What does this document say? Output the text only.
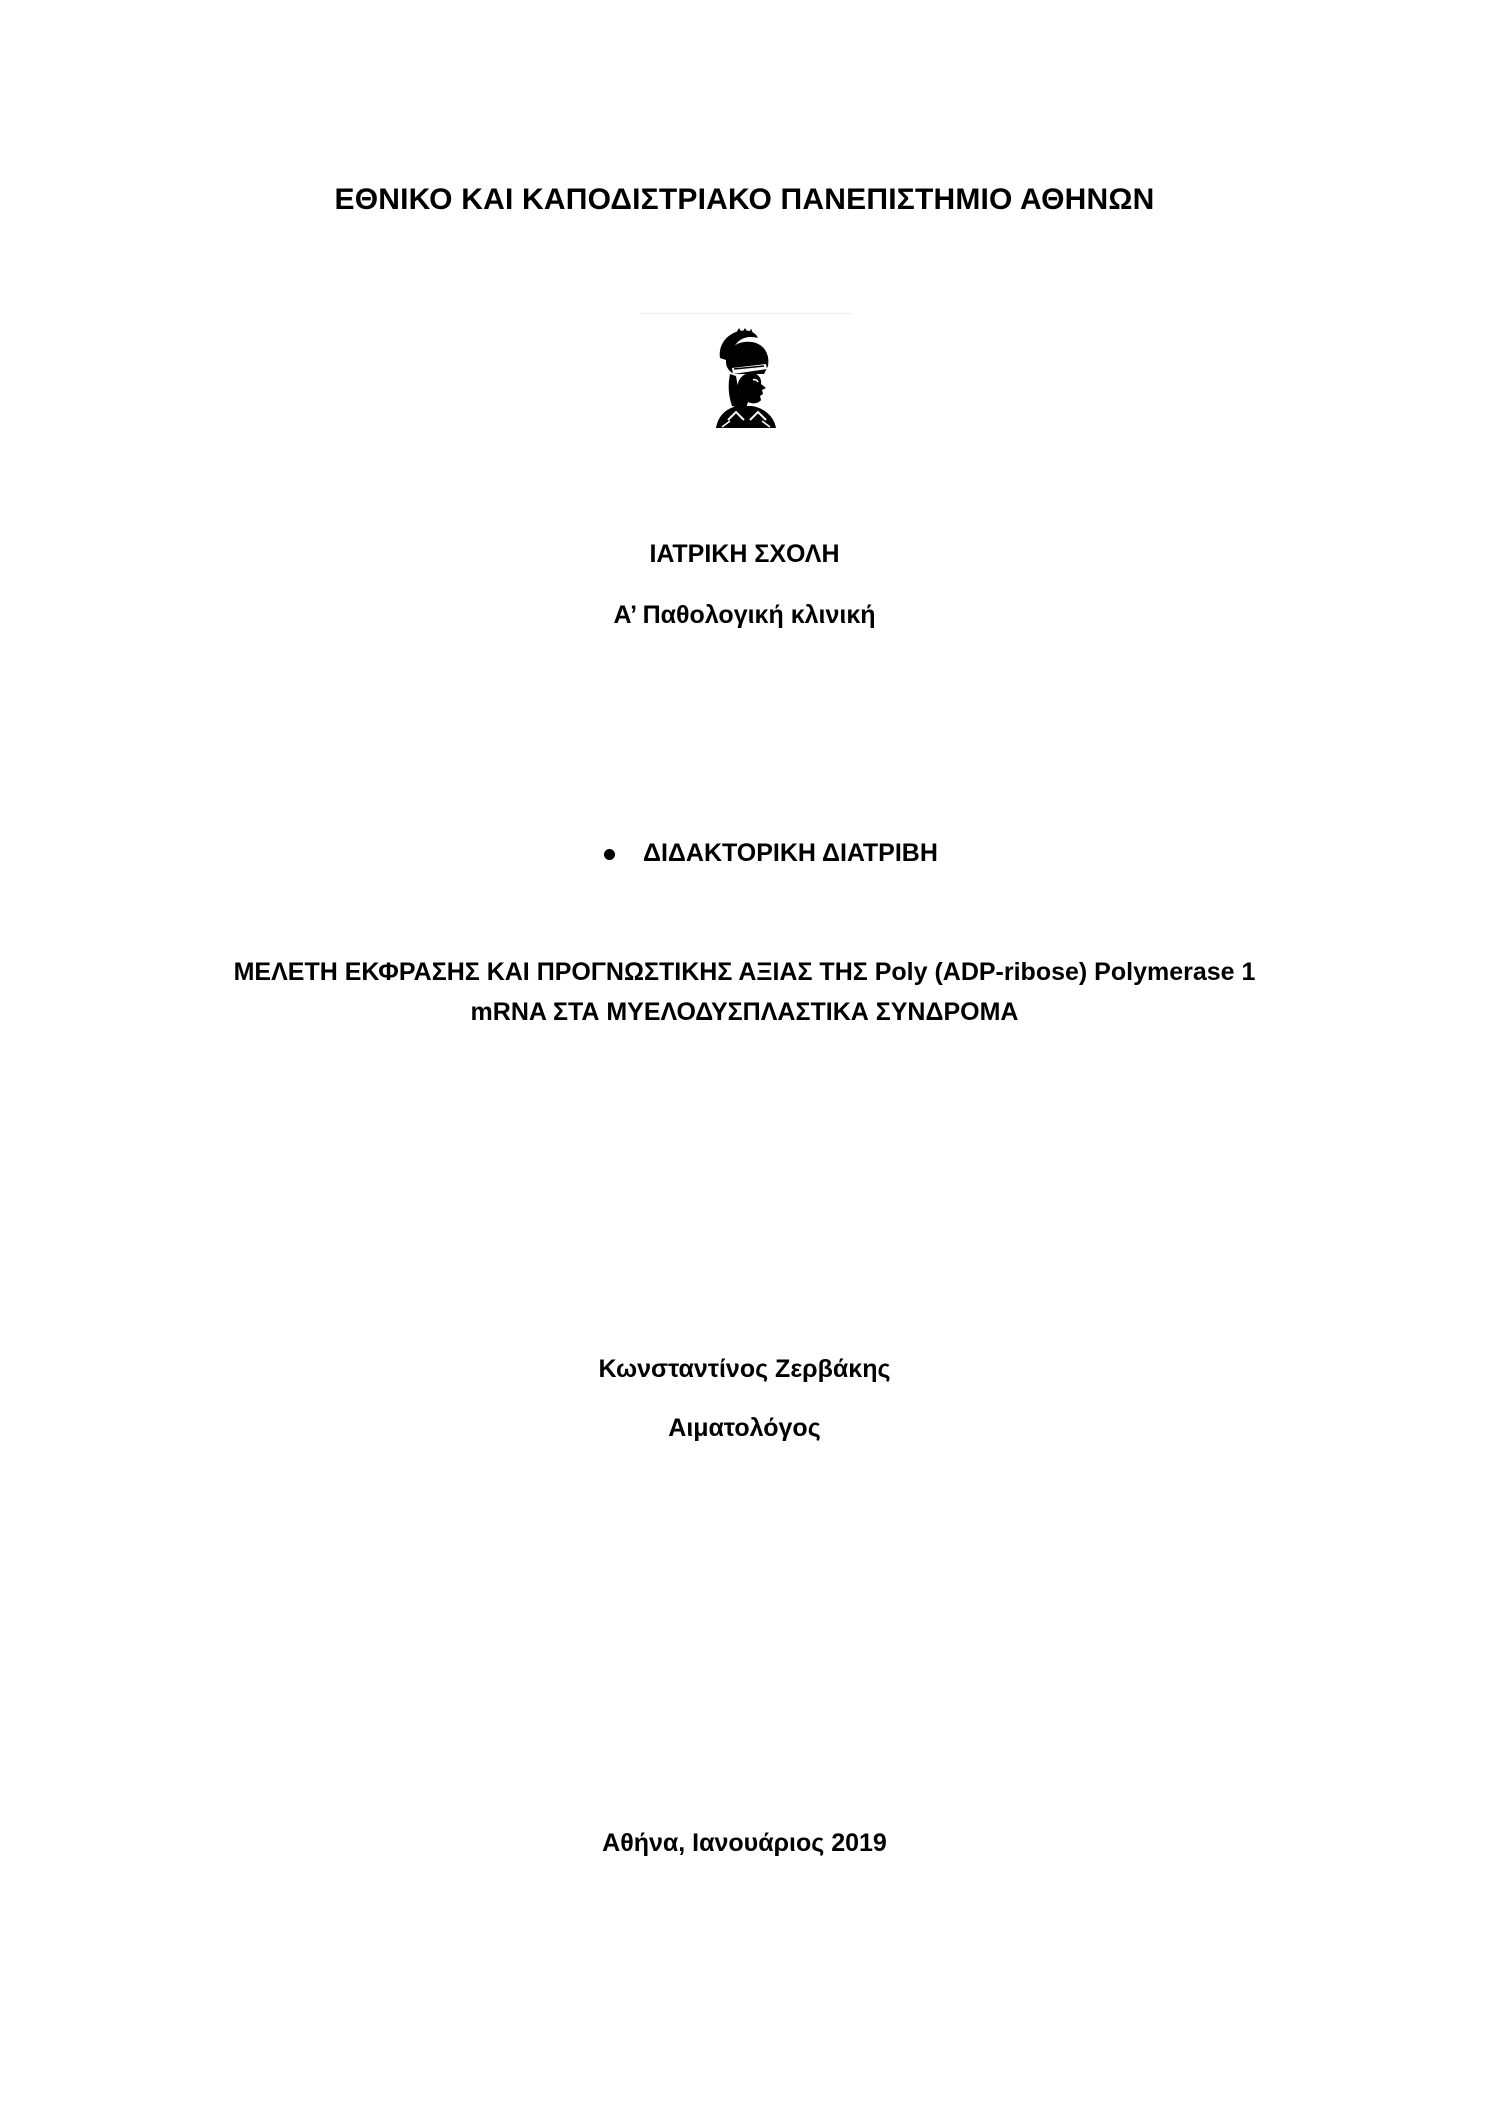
ΕΘΝΙΚΟ ΚΑΙ ΚΑΠΟΔΙΣΤΡΙΑΚΟ ΠΑΝΕΠΙΣΤΗΜΙΟ ΑΘΗΝΩΝ
ΙΑΤΡΙΚΗ ΣΧΟΛΗ
Α’ Παθολογική κλινική
ΔΙΔΑΚΤΟΡΙΚΗ ΔΙΑΤΡΙΒΗ
ΜΕΛΕΤΗ ΕΚΦΡΑΣΗΣ ΚΑΙ ΠΡΟΓΝΩΣΤΙΚΗΣ ΑΞΙΑΣ ΤΗΣ Poly (ADP-ribose) Polymerase 1
mRNA ΣΤΑ ΜΥΕΛΟΔΥΣΠΛΑΣΤΙΚΑ ΣΥΝΔΡΟΜΑ
Κωνσταντίνος Ζερβάκης
Αιματολόγος
Αθήνα, Ιανουάριος 2019
